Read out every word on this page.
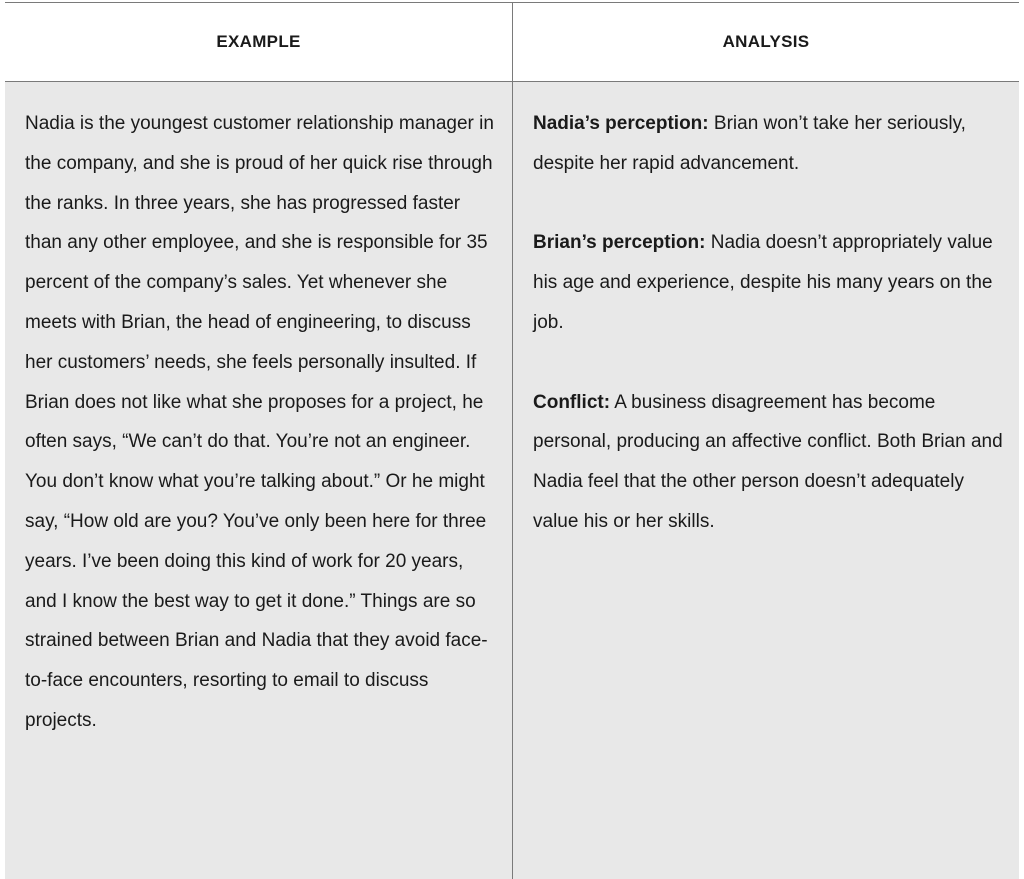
EXAMPLE	ANALYSIS
Nadia is the youngest customer relationship manager in the company, and she is proud of her quick rise through the ranks. In three years, she has progressed faster than any other employee, and she is responsible for 35 percent of the company’s sales. Yet whenever she meets with Brian, the head of engineering, to discuss her customers’ needs, she feels personally insulted. If Brian does not like what she proposes for a project, he often says, “We can’t do that. You’re not an engineer. You don’t know what you’re talking about.” Or he might say, “How old are you? You’ve only been here for three years. I’ve been doing this kind of work for 20 years, and I know the best way to get it done.” Things are so strained between Brian and Nadia that they avoid face-to-face encounters, resorting to email to discuss projects.

Nadia’s perception: Brian won’t take her seriously, despite her rapid advancement.

Brian’s perception: Nadia doesn’t appropriately value his age and experience, despite his many years on the job.

Conflict: A business disagreement has become personal, producing an affective conflict. Both Brian and Nadia feel that the other person doesn’t adequately value his or her skills.
